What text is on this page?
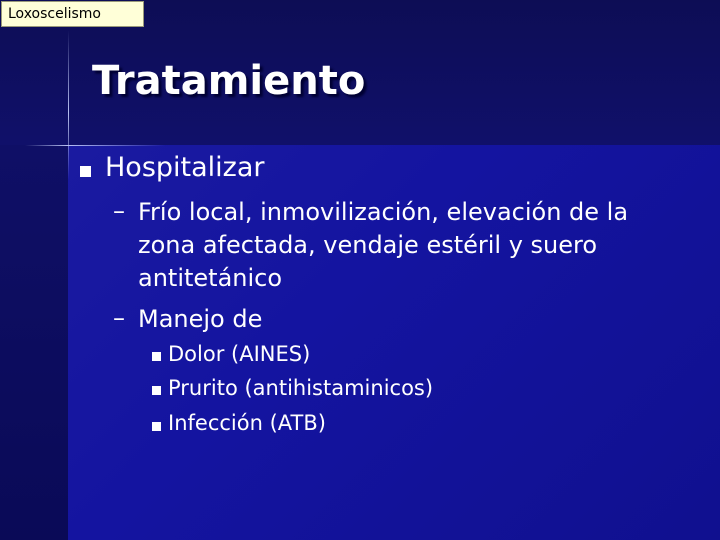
Loxoscelismo
Tratamiento
Hospitalizar
– Frío local, inmovilización, elevación de la
zona afectada, vendaje estéril y suero
antitetánico
– Manejo de
Dolor (AINES)
Prurito (antihistaminicos)
Infección (ATB)
